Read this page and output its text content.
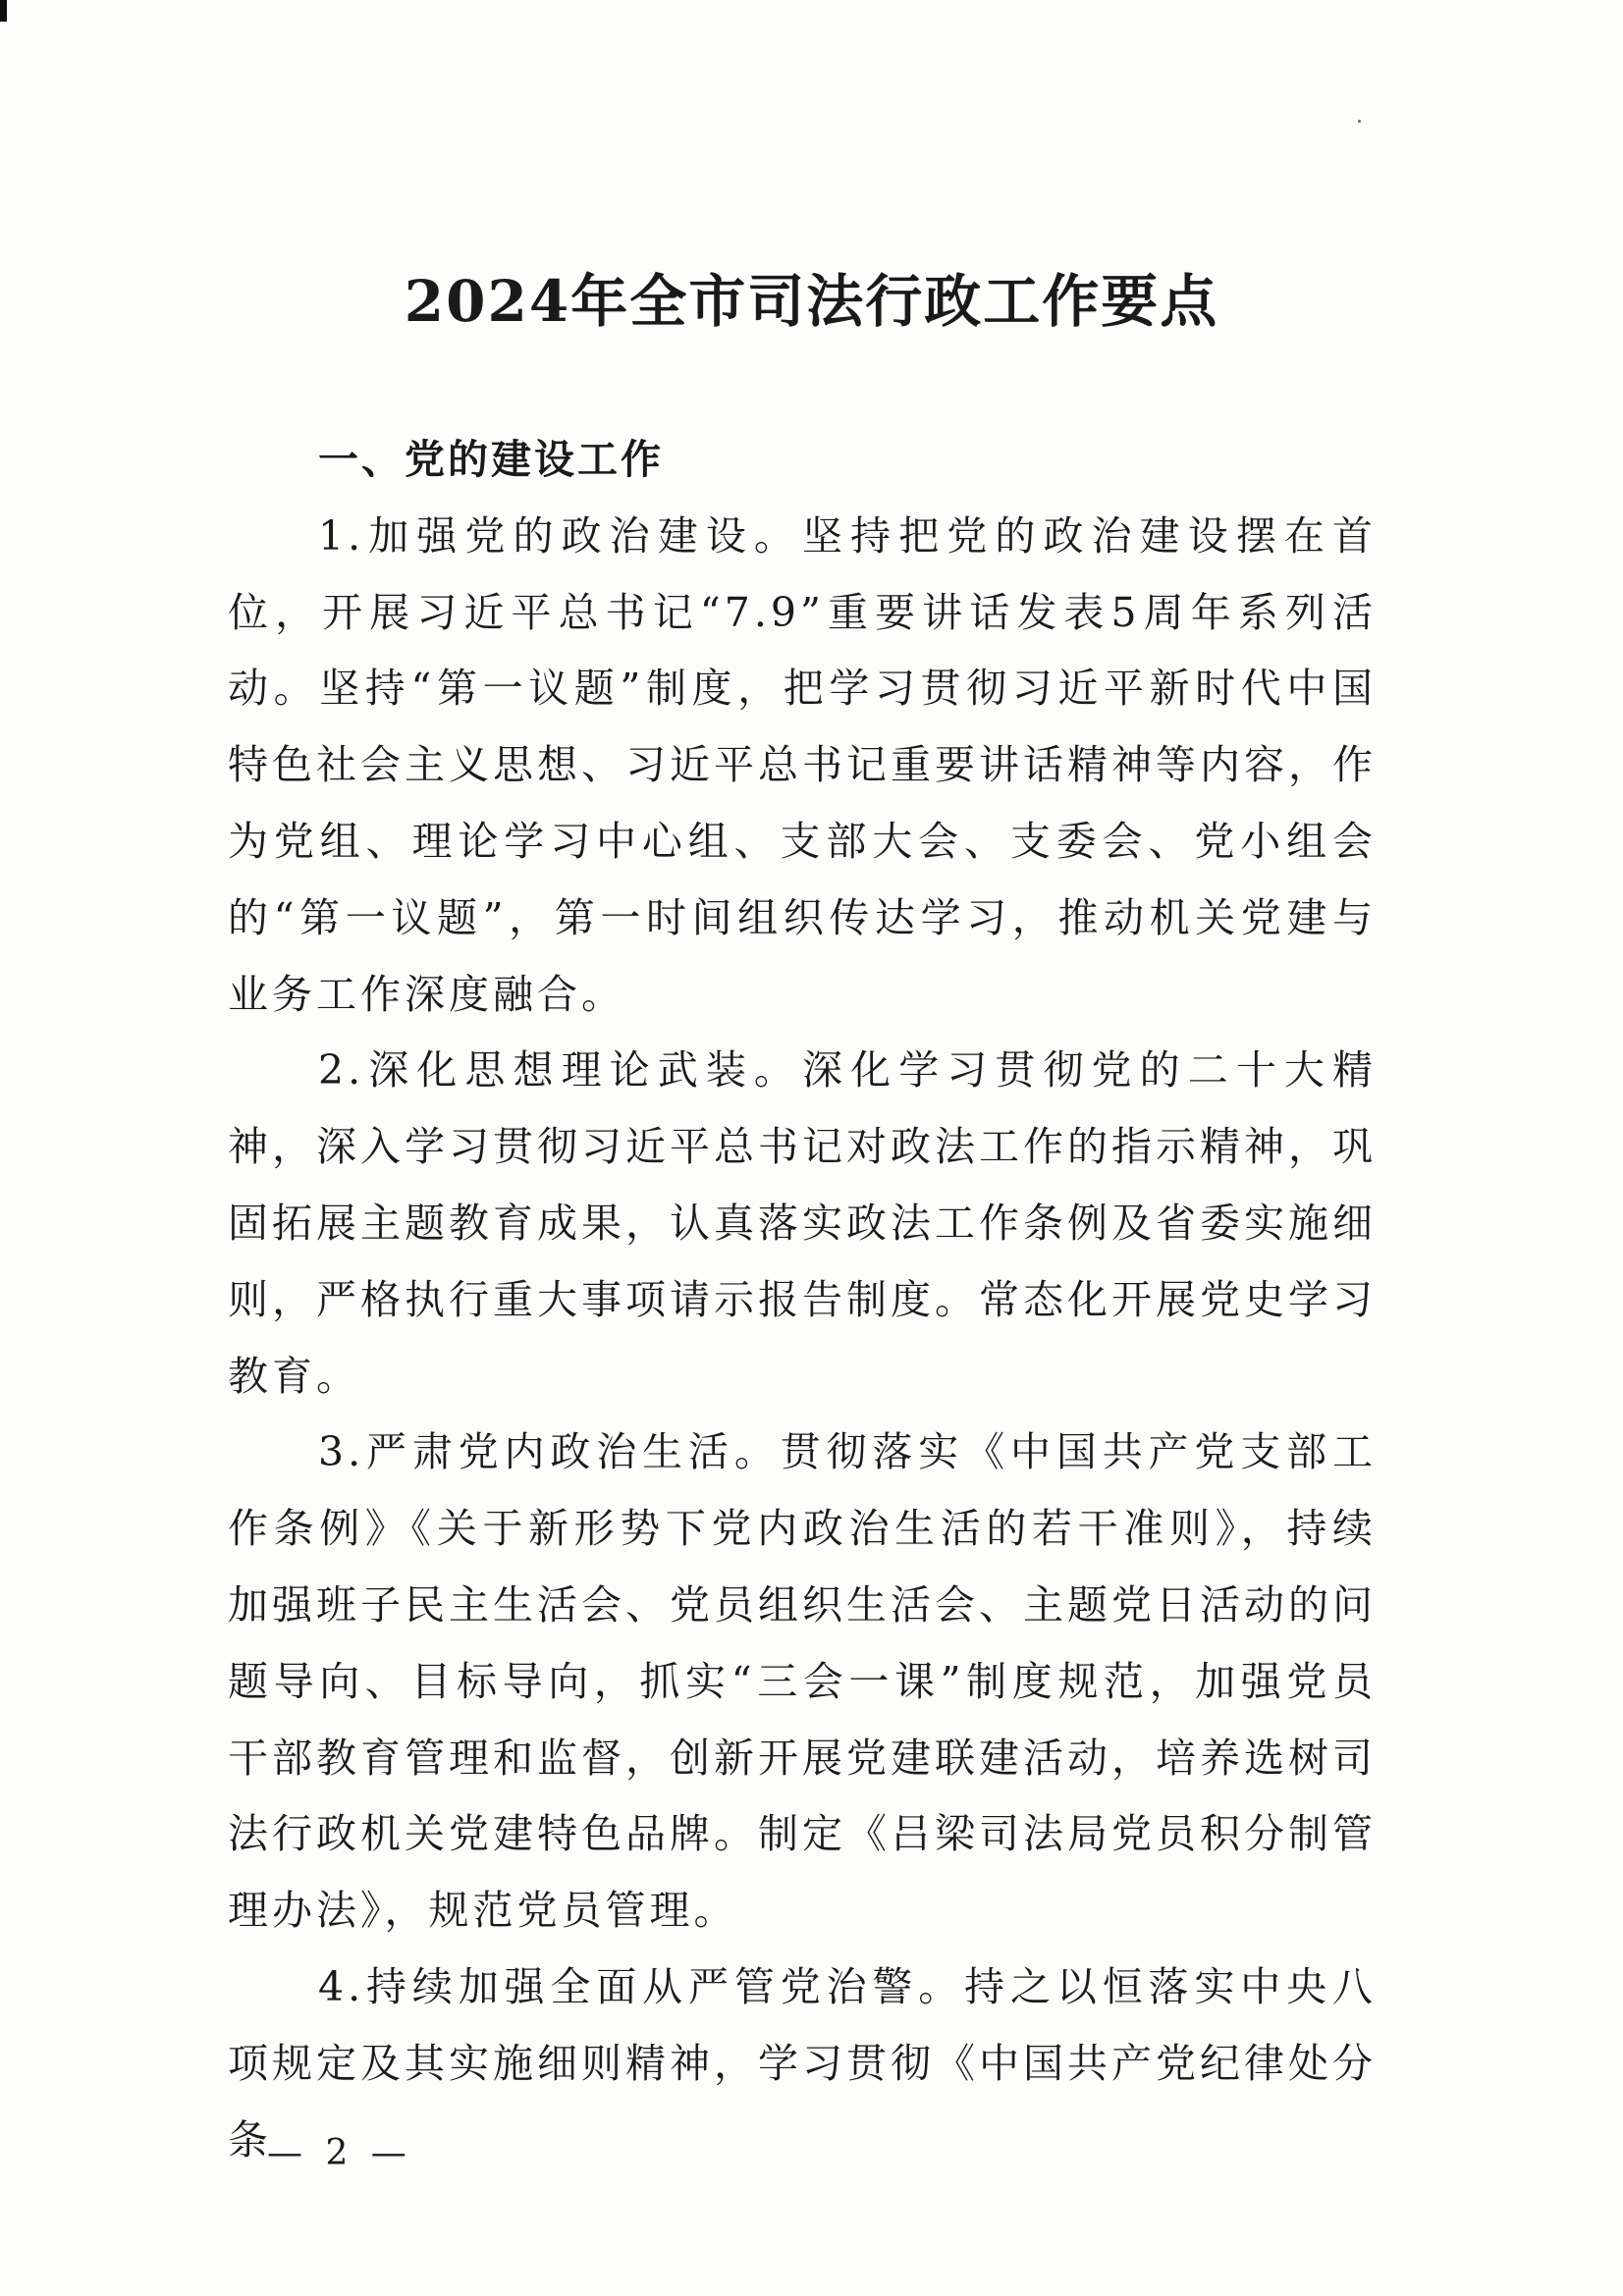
2024年全市司法行政工作要点

一、党的建设工作

1.加强党的政治建设。坚持把党的政治建设摆在首位，开展习近平总书记“7.9”重要讲话发表5周年系列活动。坚持“第一议题”制度，把学习贯彻习近平新时代中国特色社会主义思想、习近平总书记重要讲话精神等内容，作为党组、理论学习中心组、支部大会、支委会、党小组会的“第一议题”，第一时间组织传达学习，推动机关党建与业务工作深度融合。

2.深化思想理论武装。深化学习贯彻党的二十大精神，深入学习贯彻习近平总书记对政法工作的指示精神，巩固拓展主题教育成果，认真落实政法工作条例及省委实施细则，严格执行重大事项请示报告制度。常态化开展党史学习教育。

3.严肃党内政治生活。贯彻落实《中国共产党支部工作条例》《关于新形势下党内政治生活的若干准则》，持续加强班子民主生活会、党员组织生活会、主题党日活动的问题导向、目标导向，抓实“三会一课”制度规范，加强党员干部教育管理和监督，创新开展党建联建活动，培养选树司法行政机关党建特色品牌。制定《吕梁司法局党员积分制管理办法》，规范党员管理。

4.持续加强全面从严管党治警。持之以恒落实中央八项规定及其实施细则精神，学习贯彻《中国共产党纪律处分条

— 2 —
